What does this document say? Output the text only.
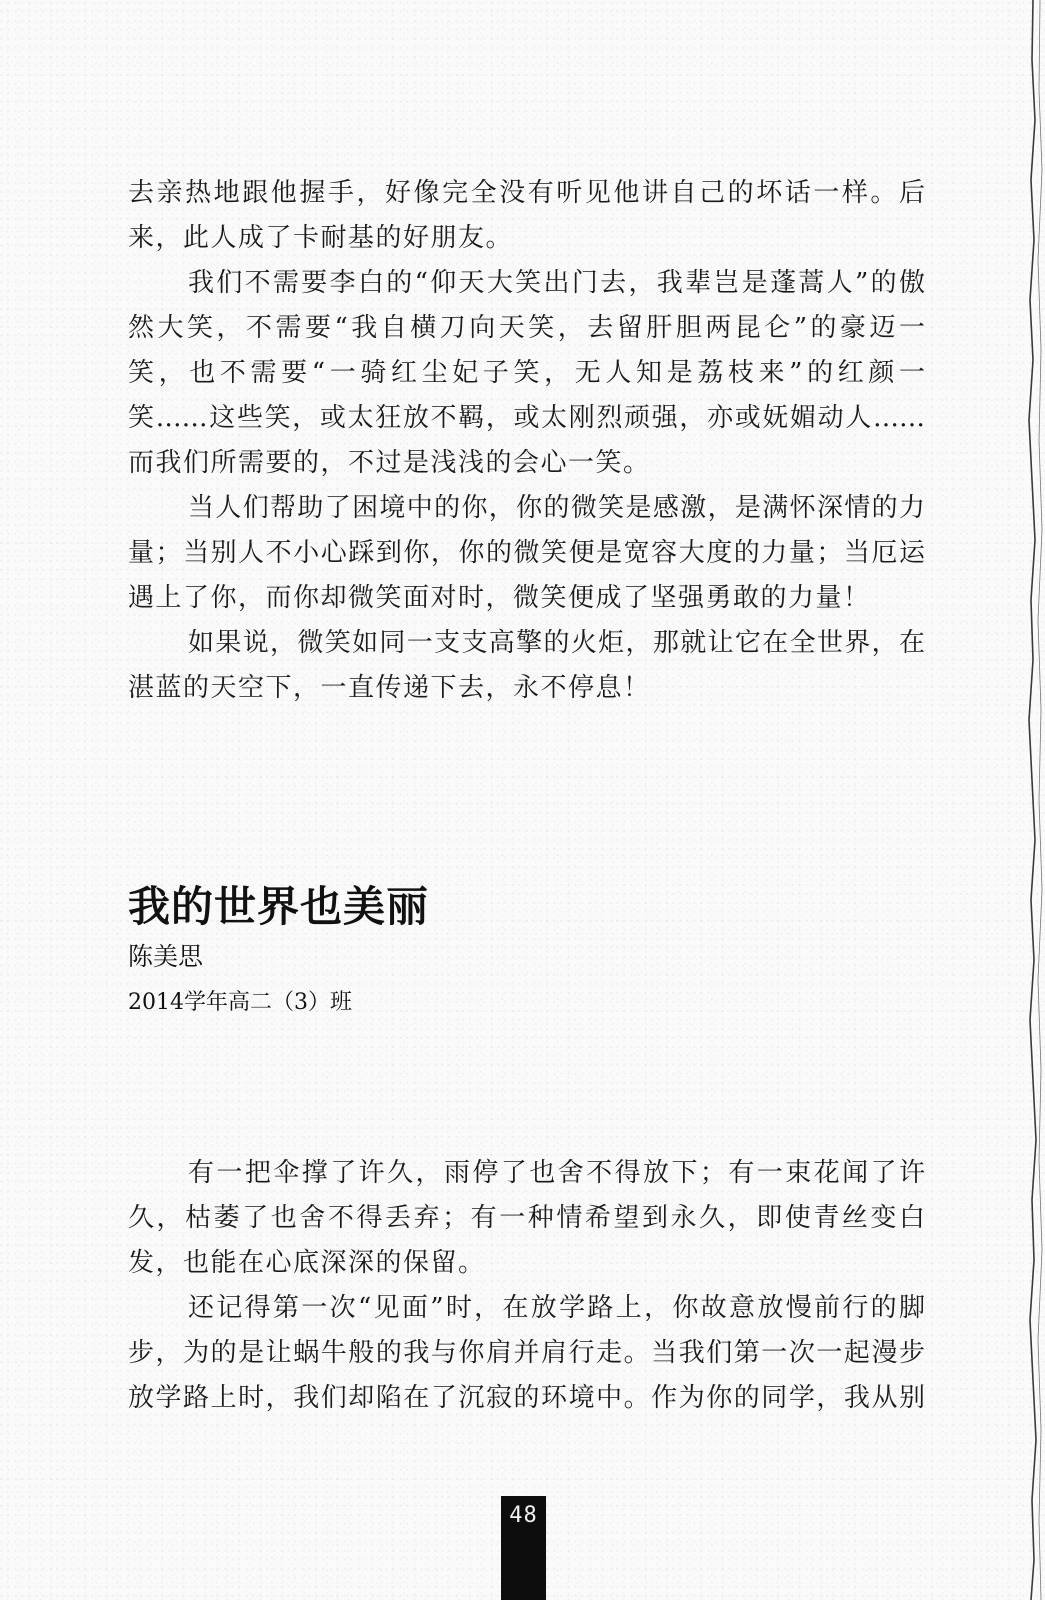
去亲热地跟他握手，好像完全没有听见他讲自己的坏话一样。后
来，此人成了卡耐基的好朋友。
我们不需要李白的“仰天大笑出门去，我辈岂是蓬蒿人”的傲
然大笑，不需要“我自横刀向天笑，去留肝胆两昆仑”的豪迈一
笑，也不需要“一骑红尘妃子笑，无人知是荔枝来”的红颜一
笑……这些笑，或太狂放不羁，或太刚烈顽强，亦或妩媚动人……
而我们所需要的，不过是浅浅的会心一笑。
当人们帮助了困境中的你，你的微笑是感激，是满怀深情的力
量；当别人不小心踩到你，你的微笑便是宽容大度的力量；当厄运
遇上了你，而你却微笑面对时，微笑便成了坚强勇敢的力量！
如果说，微笑如同一支支高擎的火炬，那就让它在全世界，在
湛蓝的天空下，一直传递下去，永不停息！
我的世界也美丽
陈美思
2014学年高二（3）班
有一把伞撑了许久，雨停了也舍不得放下；有一束花闻了许
久，枯萎了也舍不得丢弃；有一种情希望到永久，即使青丝变白
发，也能在心底深深的保留。
还记得第一次“见面”时，在放学路上，你故意放慢前行的脚
步，为的是让蜗牛般的我与你肩并肩行走。当我们第一次一起漫步
放学路上时，我们却陷在了沉寂的环境中。作为你的同学，我从别
48
